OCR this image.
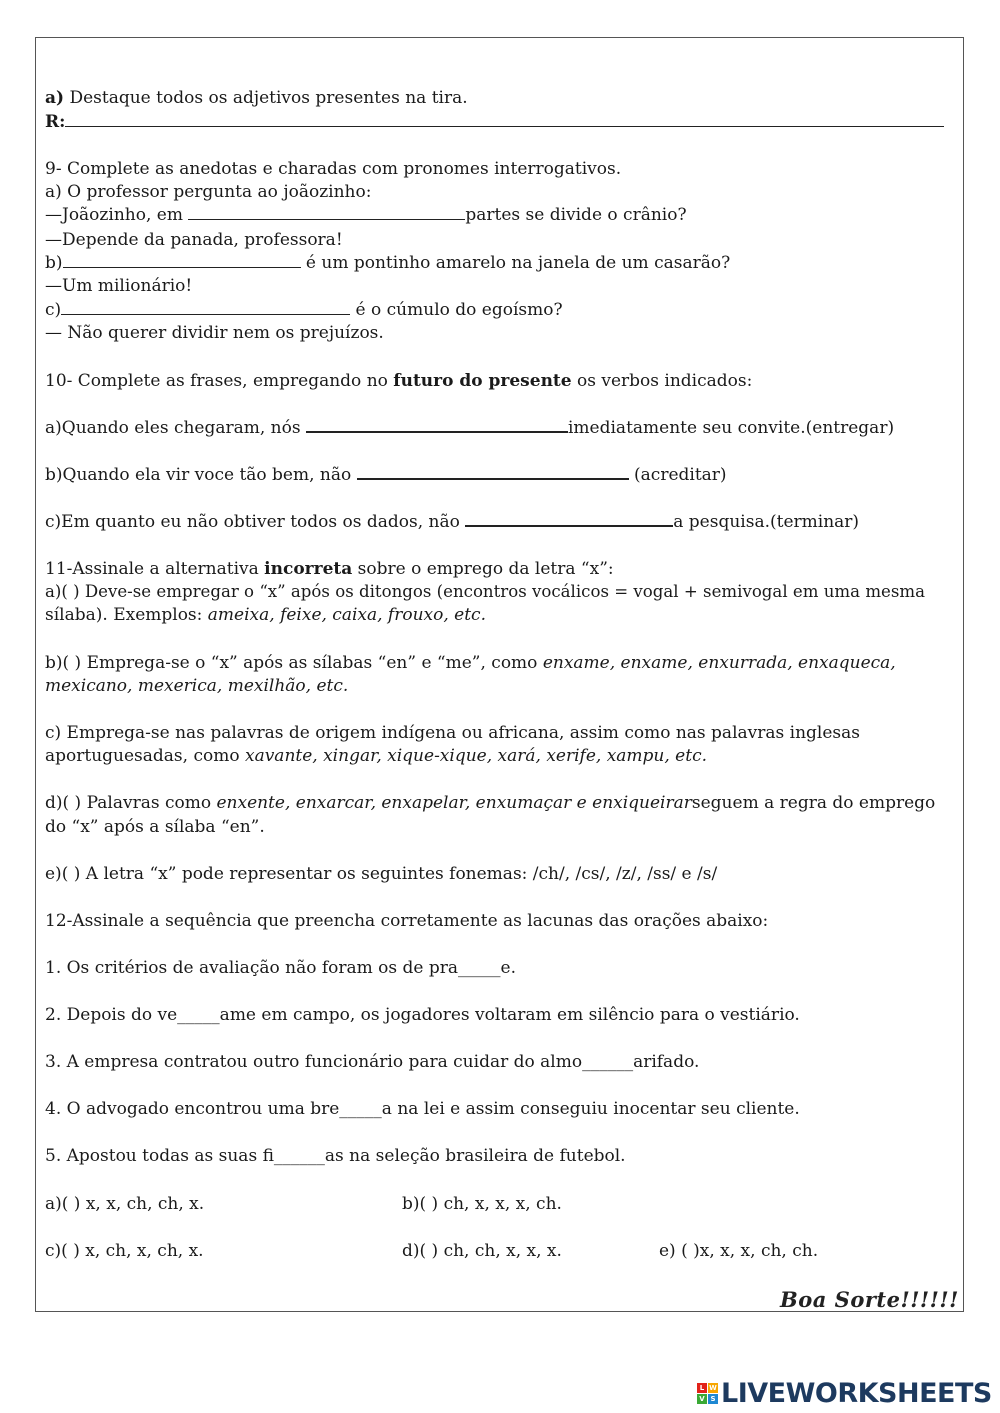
a) Destaque todos os adjetivos presentes na tira.
R:
9- Complete as anedotas e charadas com pronomes interrogativos.
a) O professor pergunta ao joãozinho:
—Joãozinho, em	partes se divide o crânio?
—Depende da panada, professora!
b)	é um pontinho amarelo na janela de um casarão?
—Um milionário!
c)	é o cúmulo do egoísmo?
— Não querer dividir nem os prejuízos.
10- Complete as frases, empregando no futuro do presente os verbos indicados:
a)Quando eles chegaram, nós	imediatamente seu convite.(entregar)
b)Quando ela vir voce tão bem, não	(acreditar)
c)Em quanto eu não obtiver todos os dados, não	a pesquisa.(terminar)
11-Assinale a alternativa incorreta sobre o emprego da letra “x”:
a)( ) Deve-se empregar o “x” após os ditongos (encontros vocálicos = vogal + semivogal em uma mesma
sílaba). Exemplos: ameixa, feixe, caixa, frouxo, etc.
b)( ) Emprega-se o “x” após as sílabas “en” e “me”, como enxame, enxame, enxurrada, enxaqueca,
mexicano, mexerica, mexilhão, etc.
c) Emprega-se nas palavras de origem indígena ou africana, assim como nas palavras inglesas
aportuguesadas, como xavante, xingar, xique-xique, xará, xerife, xampu, etc.
d)( ) Palavras como enxente, enxarcar, enxapelar, enxumaçar e enxiqueirarseguem a regra do emprego
do “x” após a sílaba “en”.
e)( ) A letra “x” pode representar os seguintes fonemas: /ch/, /cs/, /z/, /ss/ e /s/
12-Assinale a sequência que preencha corretamente as lacunas das orações abaixo:
1. Os critérios de avaliação não foram os de pra_____e.
2. Depois do ve_____ame em campo, os jogadores voltaram em silêncio para o vestiário.
3. A empresa contratou outro funcionário para cuidar do almo______arifado.
4. O advogado encontrou uma bre_____a na lei e assim conseguiu inocentar seu cliente.
5. Apostou todas as suas fi______as na seleção brasileira de futebol.
a)( ) x, x, ch, ch, x.	b)( ) ch, x, x, x, ch.
c)( ) x, ch, x, ch, x.	d)( ) ch, ch, x, x, x.	e) ( )x, x, x, ch, ch.
Boa Sorte!!!!!!
L W
V S LIVEWORKSHEETS
